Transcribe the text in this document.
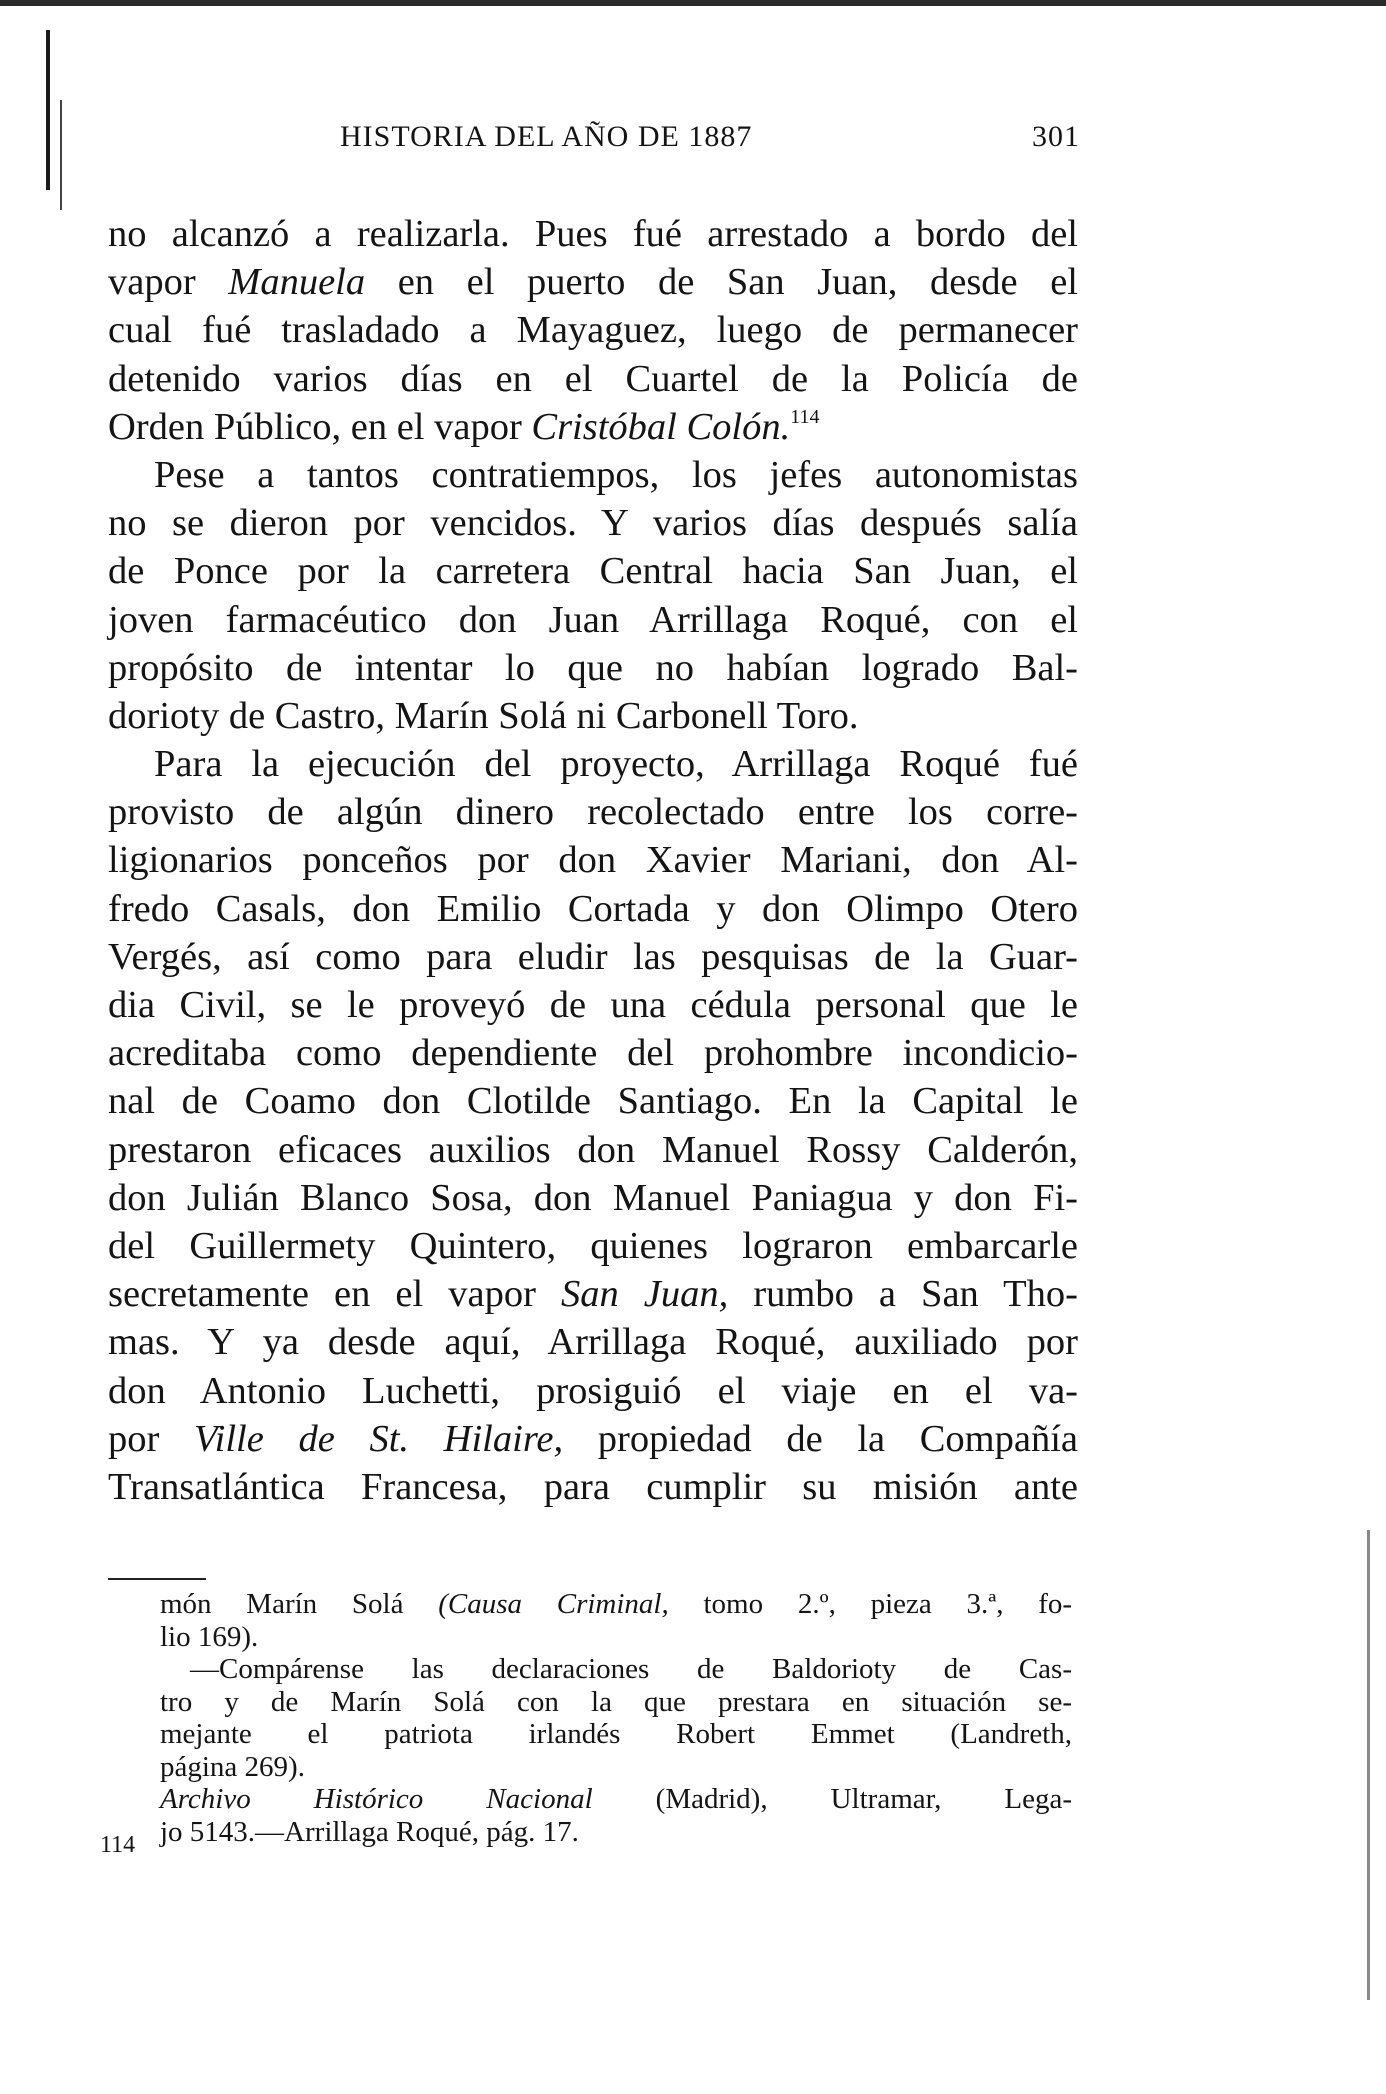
HISTORIA DEL AÑO DE 1887	301
no alcanzó a realizarla. Pues fué arrestado a bordo del
vapor Manuela en el puerto de San Juan, desde el
cual fué trasladado a Mayaguez, luego de permanecer
detenido varios días en el Cuartel de la Policía de
Orden Público, en el vapor Cristóbal Colón.$^{114}$
Pese a tantos contratiempos, los jefes autonomistas
no se dieron por vencidos. Y varios días después salía
de Ponce por la carretera Central hacia San Juan, el
joven farmacéutico don Juan Arrillaga Roqué, con el
propósito de intentar lo que no habían logrado Bal-
dorioty de Castro, Marín Solá ni Carbonell Toro.
Para la ejecución del proyecto, Arrillaga Roqué fué
provisto de algún dinero recolectado entre los corre-
ligionarios ponceños por don Xavier Mariani, don Al-
fredo Casals, don Emilio Cortada y don Olimpo Otero
Vergés, así como para eludir las pesquisas de la Guar-
dia Civil, se le proveyó de una cédula personal que le
acreditaba como dependiente del prohombre incondicio-
nal de Coamo don Clotilde Santiago. En la Capital le
prestaron eficaces auxilios don Manuel Rossy Calderón,
don Julián Blanco Sosa, don Manuel Paniagua y don Fi-
del Guillermety Quintero, quienes lograron embarcarle
secretamente en el vapor San Juan, rumbo a San Tho-
mas. Y ya desde aquí, Arrillaga Roqué, auxiliado por
don Antonio Luchetti, prosiguió el viaje en el va-
por Ville de St. Hilaire, propiedad de la Compañía
Transatlántica Francesa, para cumplir su misión ante
món Marín Solá (Causa Criminal, tomo 2.º, pieza 3.ª, fo-
lio 169).
—Compárense las declaraciones de Baldorioty de Cas-
tro y de Marín Solá con la que prestara en situación se-
mejante el patriota irlandés Robert Emmet (Landreth,
página 269).
Archivo Histórico Nacional (Madrid), Ultramar, Lega-
jo 5143.—Arrillaga Roqué, pág. 17.
114
